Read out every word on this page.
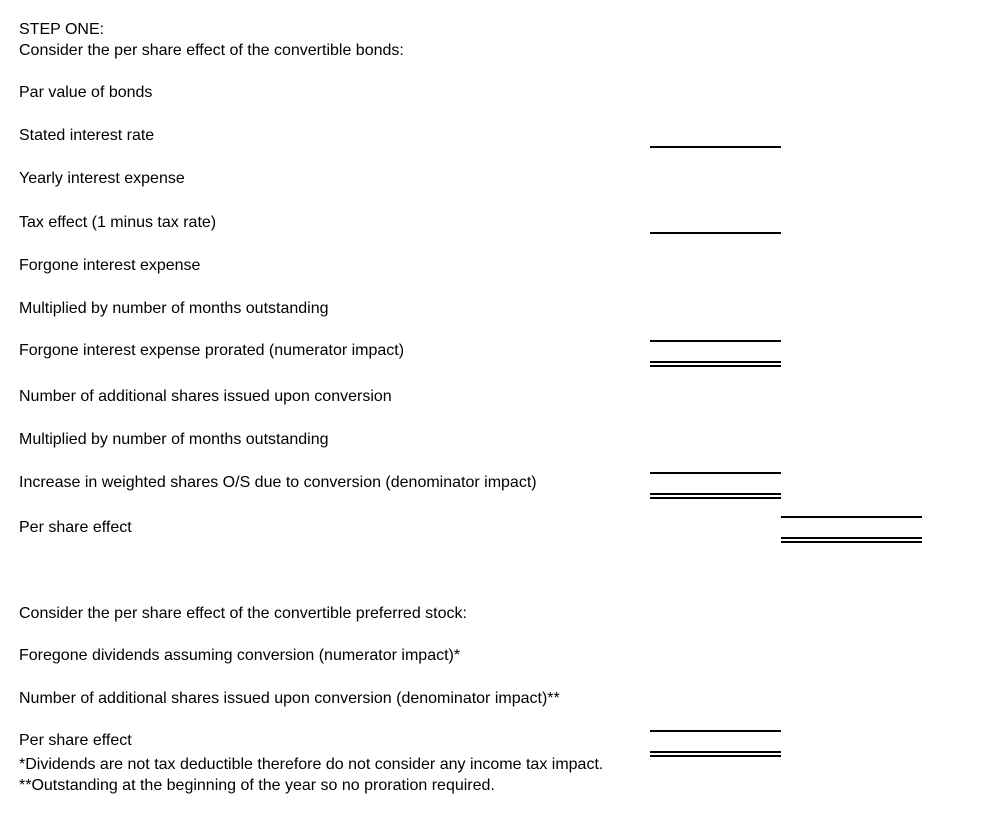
STEP ONE:
Consider the per share effect of the convertible bonds:
Par value of bonds
Stated interest rate
Yearly interest expense
Tax effect (1 minus tax rate)
Forgone interest expense
Multiplied by number of months outstanding
Forgone interest expense prorated (numerator impact)
Number of additional shares issued upon conversion
Multiplied by number of months outstanding
Increase in weighted shares O/S due to conversion (denominator impact)
Per share effect
Consider the per share effect of the convertible preferred stock:
Foregone dividends assuming conversion (numerator impact)*
Number of additional shares issued upon conversion (denominator impact)**
Per share effect
*Dividends are not tax deductible therefore do not consider any income tax impact.
**Outstanding at the beginning of the year so no proration required.
